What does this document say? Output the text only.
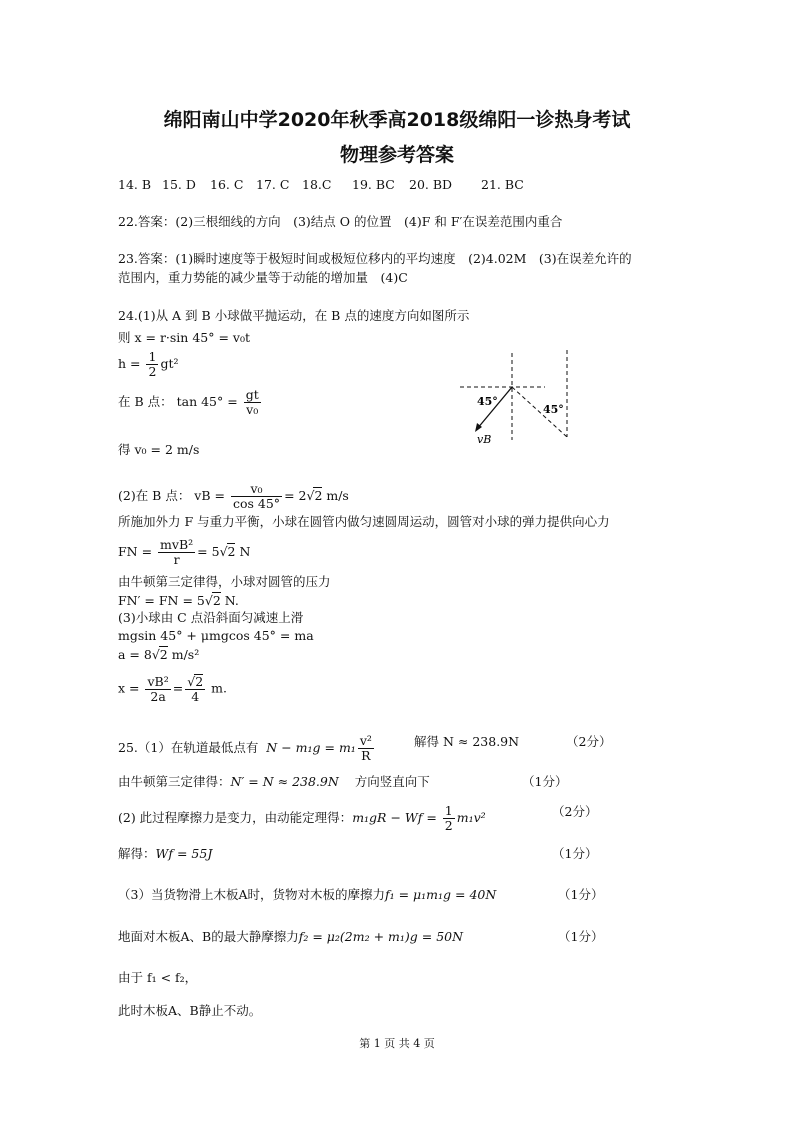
绵阳南山中学2020年秋季高2018级绵阳一诊热身考试
物理参考答案
14. B 15. D 16. C 17. C 18.C 19. BC 20. BD 21. BC
22.答案：(2)三根细线的方向　(3)结点 O 的位置　(4)F 和 F′在误差范围内重合
23.答案：(1)瞬时速度等于极短时间或极短位移内的平均速度　(2)4.02M　(3)在误差允许的
范围内，重力势能的减少量等于动能的增加量　(4)C
24.(1)从 A 到 B 小球做平抛运动，在 B 点的速度方向如图所示
则 x = r·sin 45° = v₀t
$h = \frac{1}{2} gt^2$
在 B 点： $\tan 45^\circ = \frac{gt}{\text{v₀}}$
得 v₀ = 2 m/s
45°
45°
vB
(2)在 B 点： vB = $\frac{\text{v₀}}{\cos 45^\circ} = 2√2$ m/s
所施加外力 F 与重力平衡，小球在圆管内做匀速圆周运动，圆管对小球的弹力提供向心力
FN = $\frac{\text{mvB²}}{r} = 5√2$ N
由牛顿第三定律得，小球对圆管的压力
FN′ = FN = 5√2 N.
(3)小球由 C 点沿斜面匀减速上滑
mgsin 45° + μmgcos 45° = ma
a = 8√2 m/s²
$x = \frac{\text{vB²}}{2a} = \frac{√2}{4} m$.
25.（1）在轨道最低点有 $N - m_1g = m_1 \frac{\text{v²}}{R}$	解得 N ≈ 238.9N	（2分）
由牛顿第三定律得：N′ = N ≈ 238.9N 方向竖直向下	（1分）
(2) 此过程摩擦力是变力，由动能定理得：$m_1gR - Wf = \frac{1}{2} m_1v^2$	（2分）
解得：Wf = 55J	（1分）
（3）当货物滑上木板A时，货物对木板的摩擦力f₁ = μ₁m₁g = 40N	（1分）
地面对木板A、B的最大静摩擦力f₂ = μ₂(2m₂ + m₁)g = 50N	（1分）
由于 f₁ < f₂，
此时木板A、B静止不动。
第 1 页 共 4 页
